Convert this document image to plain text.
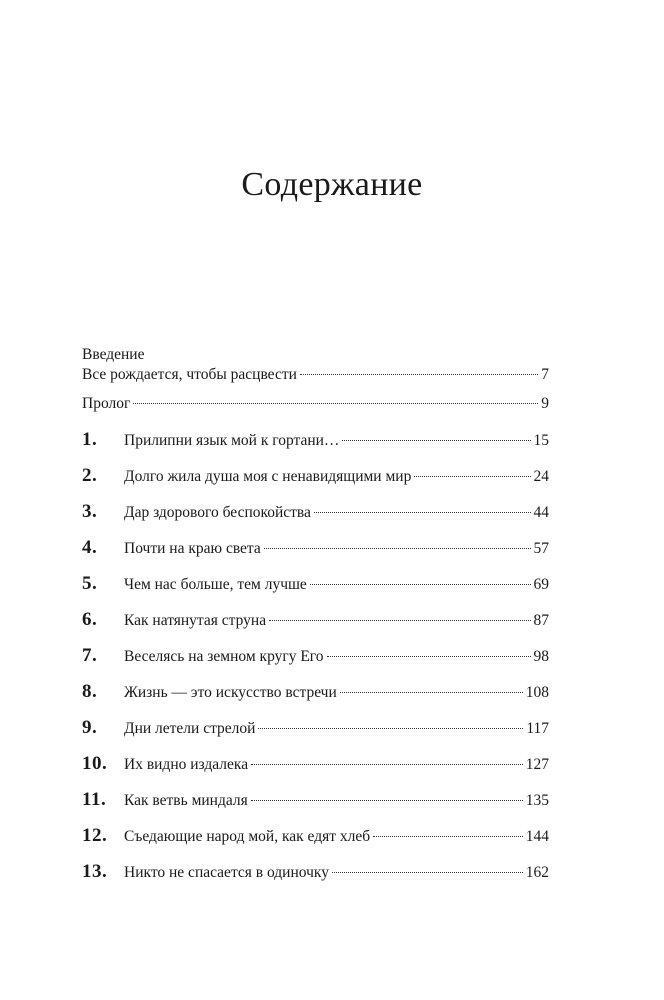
Содержание
Введение
Все рождается, чтобы расцвести	7
Пролог	9
1.	Прилипни язык мой к гортани…	15
2.	Долго жила душа моя с ненавидящими мир	24
3.	Дар здорового беспокойства	44
4.	Почти на краю света	57
5.	Чем нас больше, тем лучше	69
6.	Как натянутая струна	87
7.	Веселясь на земном кругу Его	98
8.	Жизнь — это искусство встречи	108
9.	Дни летели стрелой	117
10.	Их видно издалека	127
11.	Как ветвь миндаля	135
12.	Съедающие народ мой, как едят хлеб	144
13.	Никто не спасается в одиночку	162
